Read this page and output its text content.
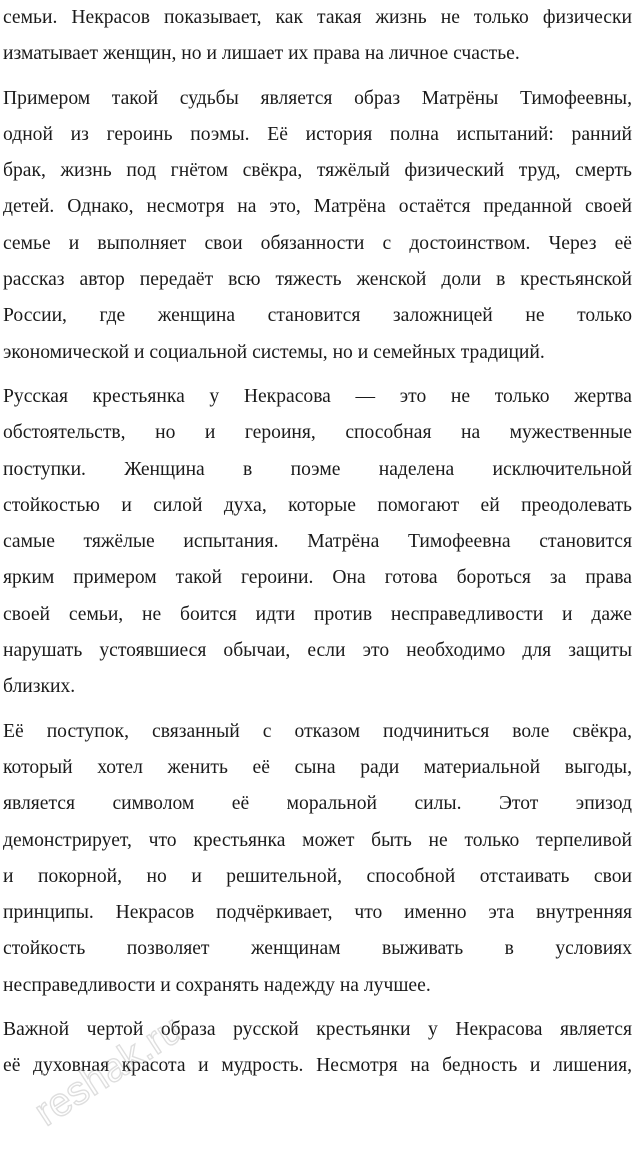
семьи. Некрасов показывает, как такая жизнь не только физически
изматывает женщин, но и лишает их права на личное счастье.
Примером такой судьбы является образ Матрёны Тимофеевны,
одной из героинь поэмы. Её история полна испытаний: ранний
брак, жизнь под гнётом свёкра, тяжёлый физический труд, смерть
детей. Однако, несмотря на это, Матрёна остаётся преданной своей
семье и выполняет свои обязанности с достоинством. Через её
рассказ автор передаёт всю тяжесть женской доли в крестьянской
России, где женщина становится заложницей не только
экономической и социальной системы, но и семейных традиций.
Русская крестьянка у Некрасова — это не только жертва
обстоятельств, но и героиня, способная на мужественные
поступки. Женщина в поэме наделена исключительной
стойкостью и силой духа, которые помогают ей преодолевать
самые тяжёлые испытания. Матрёна Тимофеевна становится
ярким примером такой героини. Она готова бороться за права
своей семьи, не боится идти против несправедливости и даже
нарушать устоявшиеся обычаи, если это необходимо для защиты
близких.
Её поступок, связанный с отказом подчиниться воле свёкра,
который хотел женить её сына ради материальной выгоды,
является символом её моральной силы. Этот эпизод
демонстрирует, что крестьянка может быть не только терпеливой
и покорной, но и решительной, способной отстаивать свои
принципы. Некрасов подчёркивает, что именно эта внутренняя
стойкость позволяет женщинам выживать в условиях
несправедливости и сохранять надежду на лучшее.
Важной чертой образа русской крестьянки у Некрасова является
её духовная красота и мудрость. Несмотря на бедность и лишения,
reshak.ru
